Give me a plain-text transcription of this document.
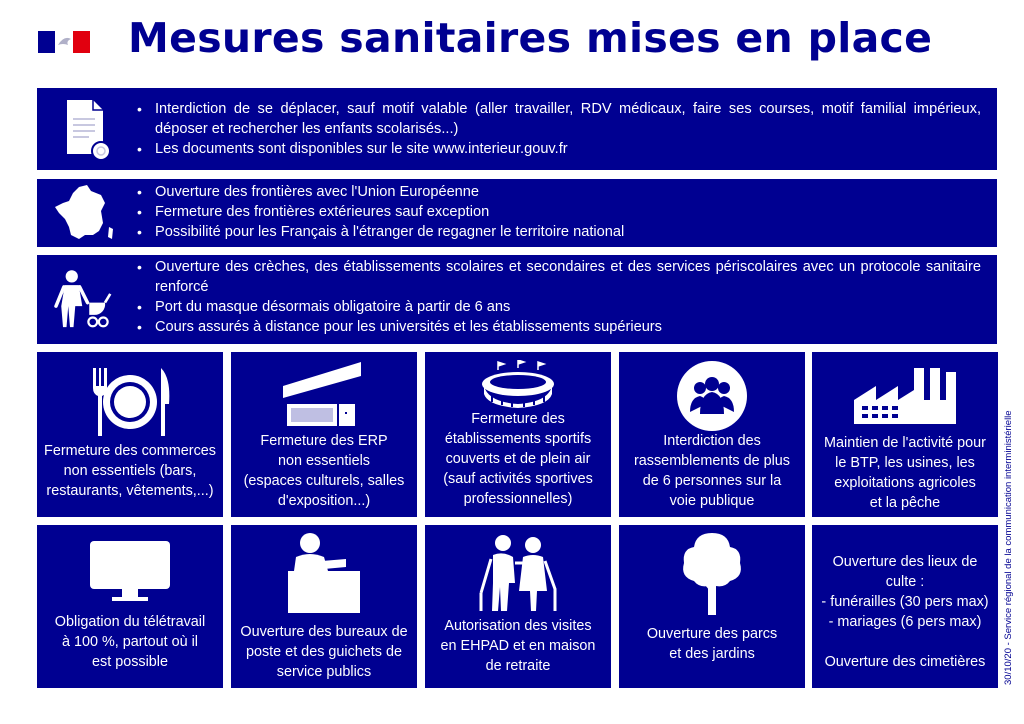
Mesures sanitaires mises en place
• Interdiction de se déplacer, sauf motif valable (aller travailler, RDV médicaux, faire ses courses, motif familial impérieux, déposer et rechercher les enfants scolarisés...)
• Les documents sont disponibles sur le site www.interieur.gouv.fr
• Ouverture des frontières avec l'Union Européenne
• Fermeture des frontières extérieures sauf exception
• Possibilité pour les Français à l'étranger de regagner le territoire national
• Ouverture des crèches, des établissements scolaires et secondaires et des services périscolaires avec un protocole sanitaire renforcé
• Port du masque désormais obligatoire à partir de 6 ans
• Cours assurés à distance pour les universités et les établissements supérieurs
Fermeture des commerces
non essentiels (bars,
restaurants, vêtements,...)
Fermeture des ERP
non essentiels
(espaces culturels, salles
d'exposition...)
Fermeture des
établissements sportifs
couverts et de plein air
(sauf activités sportives
professionnelles)
Interdiction des
rassemblements de plus
de 6 personnes sur la
voie publique
Maintien de l'activité pour
le BTP, les usines, les
exploitations agricoles
et la pêche
Obligation du télétravail
à 100 %, partout où il
est possible
Ouverture des bureaux de
poste et des guichets de
service publics
Autorisation des visites
en EHPAD et en maison
de retraite
Ouverture des parcs
et des jardins
Ouverture des lieux de
culte :
- funérailles (30 pers max)
- mariages (6 pers max)

Ouverture des cimetières	30/10/20 - Service régional de la communication interministérielle
